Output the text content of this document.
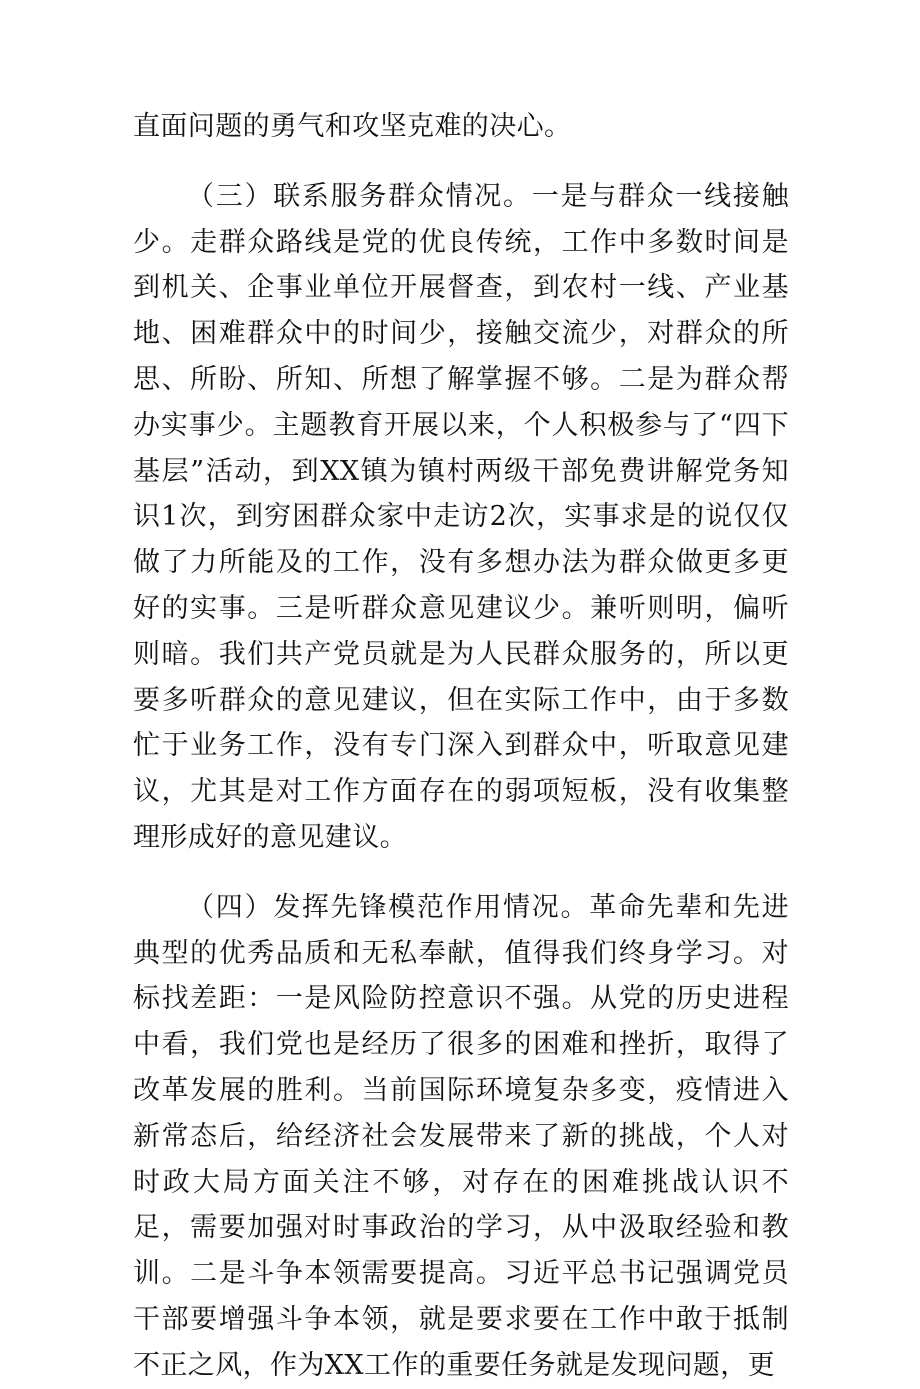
直面问题的勇气和攻坚克难的决心。

（三）联系服务群众情况。一是与群众一线接触少。走群众路线是党的优良传统，工作中多数时间是到机关、企事业单位开展督查，到农村一线、产业基地、困难群众中的时间少，接触交流少，对群众的所思、所盼、所知、所想了解掌握不够。二是为群众帮办实事少。主题教育开展以来，个人积极参与了“四下基层”活动，到XX镇为镇村两级干部免费讲解党务知识1次，到穷困群众家中走访2次，实事求是的说仅仅做了力所能及的工作，没有多想办法为群众做更多更好的实事。三是听群众意见建议少。兼听则明，偏听则暗。我们共产党员就是为人民群众服务的，所以更要多听群众的意见建议，但在实际工作中，由于多数忙于业务工作，没有专门深入到群众中，听取意见建议，尤其是对工作方面存在的弱项短板，没有收集整理形成好的意见建议。

（四）发挥先锋模范作用情况。革命先辈和先进典型的优秀品质和无私奉献，值得我们终身学习。对标找差距：一是风险防控意识不强。从党的历史进程中看，我们党也是经历了很多的困难和挫折，取得了改革发展的胜利。当前国际环境复杂多变，疫情进入新常态后，给经济社会发展带来了新的挑战，个人对时政大局方面关注不够，对存在的困难挑战认识不足，需要加强对时事政治的学习，从中汲取经验和教训。二是斗争本领需要提高。习近平总书记强调党员干部要增强斗争本领，就是要求要在工作中敢于抵制不正之风，作为XX工作的重要任务就是发现问题，更
